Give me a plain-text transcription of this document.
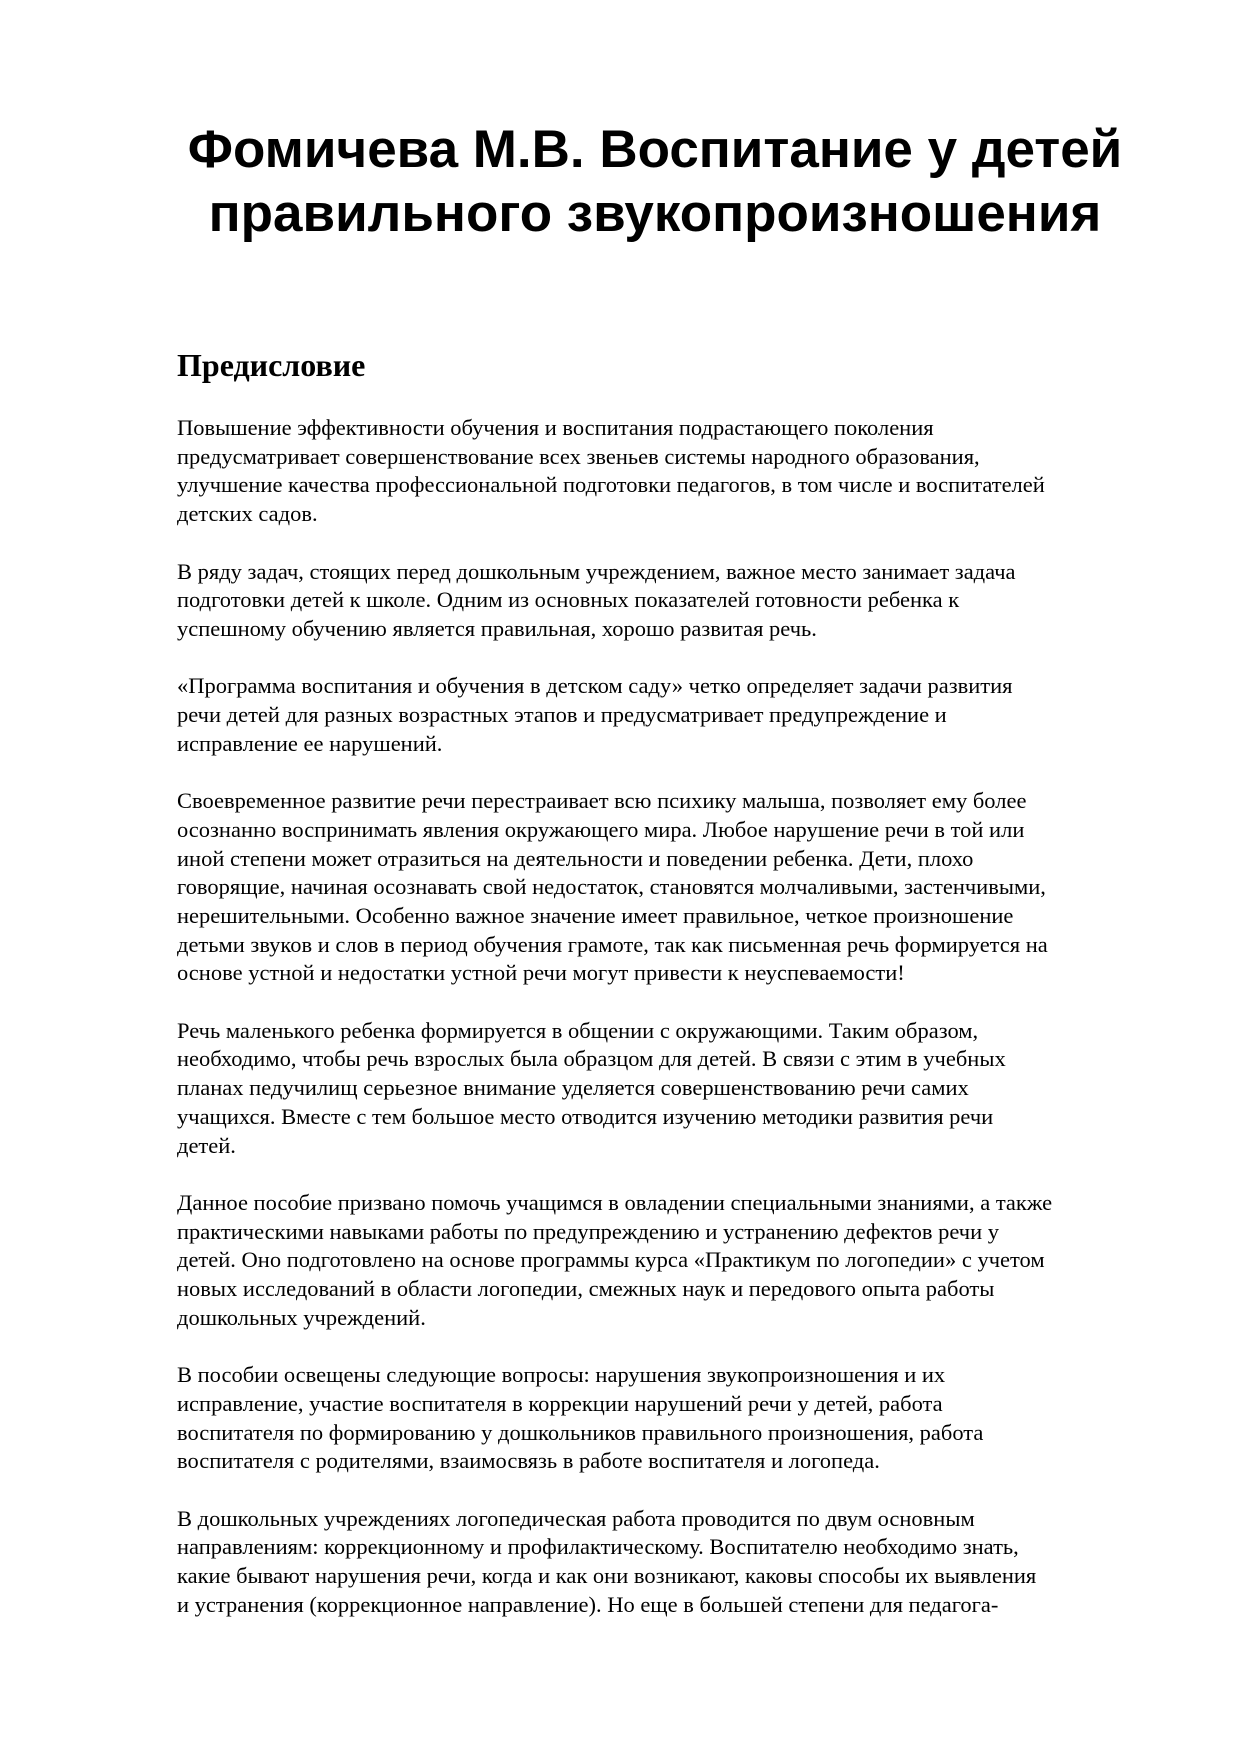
Фомичева М.В. Воспитание у детей
правильного звукопроизношения
Предисловие

Повышение эффективности обучения и воспитания подрастающего поколения
предусматривает совершенствование всех звеньев системы народного образования,
улучшение качества профессиональной подготовки педагогов, в том числе и воспитателей
детских садов.

В ряду задач, стоящих перед дошкольным учреждением, важное место занимает задача
подготовки детей к школе. Одним из основных показателей готовности ребенка к
успешному обучению является правильная, хорошо развитая речь.

«Программа воспитания и обучения в детском саду» четко определяет задачи развития
речи детей для разных возрастных этапов и предусматривает предупреждение и
исправление ее нарушений.

Своевременное развитие речи перестраивает всю психику малыша, позволяет ему более
осознанно воспринимать явления окружающего мира. Любое нарушение речи в той или
иной степени может отразиться на деятельности и поведении ребенка. Дети, плохо
говорящие, начиная осознавать свой недостаток, становятся молчаливыми, застенчивыми,
нерешительными. Особенно важное значение имеет правильное, четкое произношение
детьми звуков и слов в период обучения грамоте, так как письменная речь формируется на
основе устной и недостатки устной речи могут привести к неуспеваемости!

Речь маленького ребенка формируется в общении с окружающими. Таким образом,
необходимо, чтобы речь взрослых была образцом для детей. В связи с этим в учебных
планах педучилищ серьезное внимание уделяется совершенствованию речи самих
учащихся. Вместе с тем большое место отводится изучению методики развития речи
детей.

Данное пособие призвано помочь учащимся в овладении специальными знаниями, а также
практическими навыками работы по предупреждению и устранению дефектов речи у
детей. Оно подготовлено на основе программы курса «Практикум по логопедии» с учетом
новых исследований в области логопедии, смежных наук и передового опыта работы
дошкольных учреждений.

В пособии освещены следующие вопросы: нарушения звукопроизношения и их
исправление, участие воспитателя в коррекции нарушений речи у детей, работа
воспитателя по формированию у дошкольников правильного произношения, работа
воспитателя с родителями, взаимосвязь в работе воспитателя и логопеда.

В дошкольных учреждениях логопедическая работа проводится по двум основным
направлениям: коррекционному и профилактическому. Воспитателю необходимо знать,
какие бывают нарушения речи, когда и как они возникают, каковы способы их выявления
и устранения (коррекционное направление). Но еще в большей степени для педагога-
